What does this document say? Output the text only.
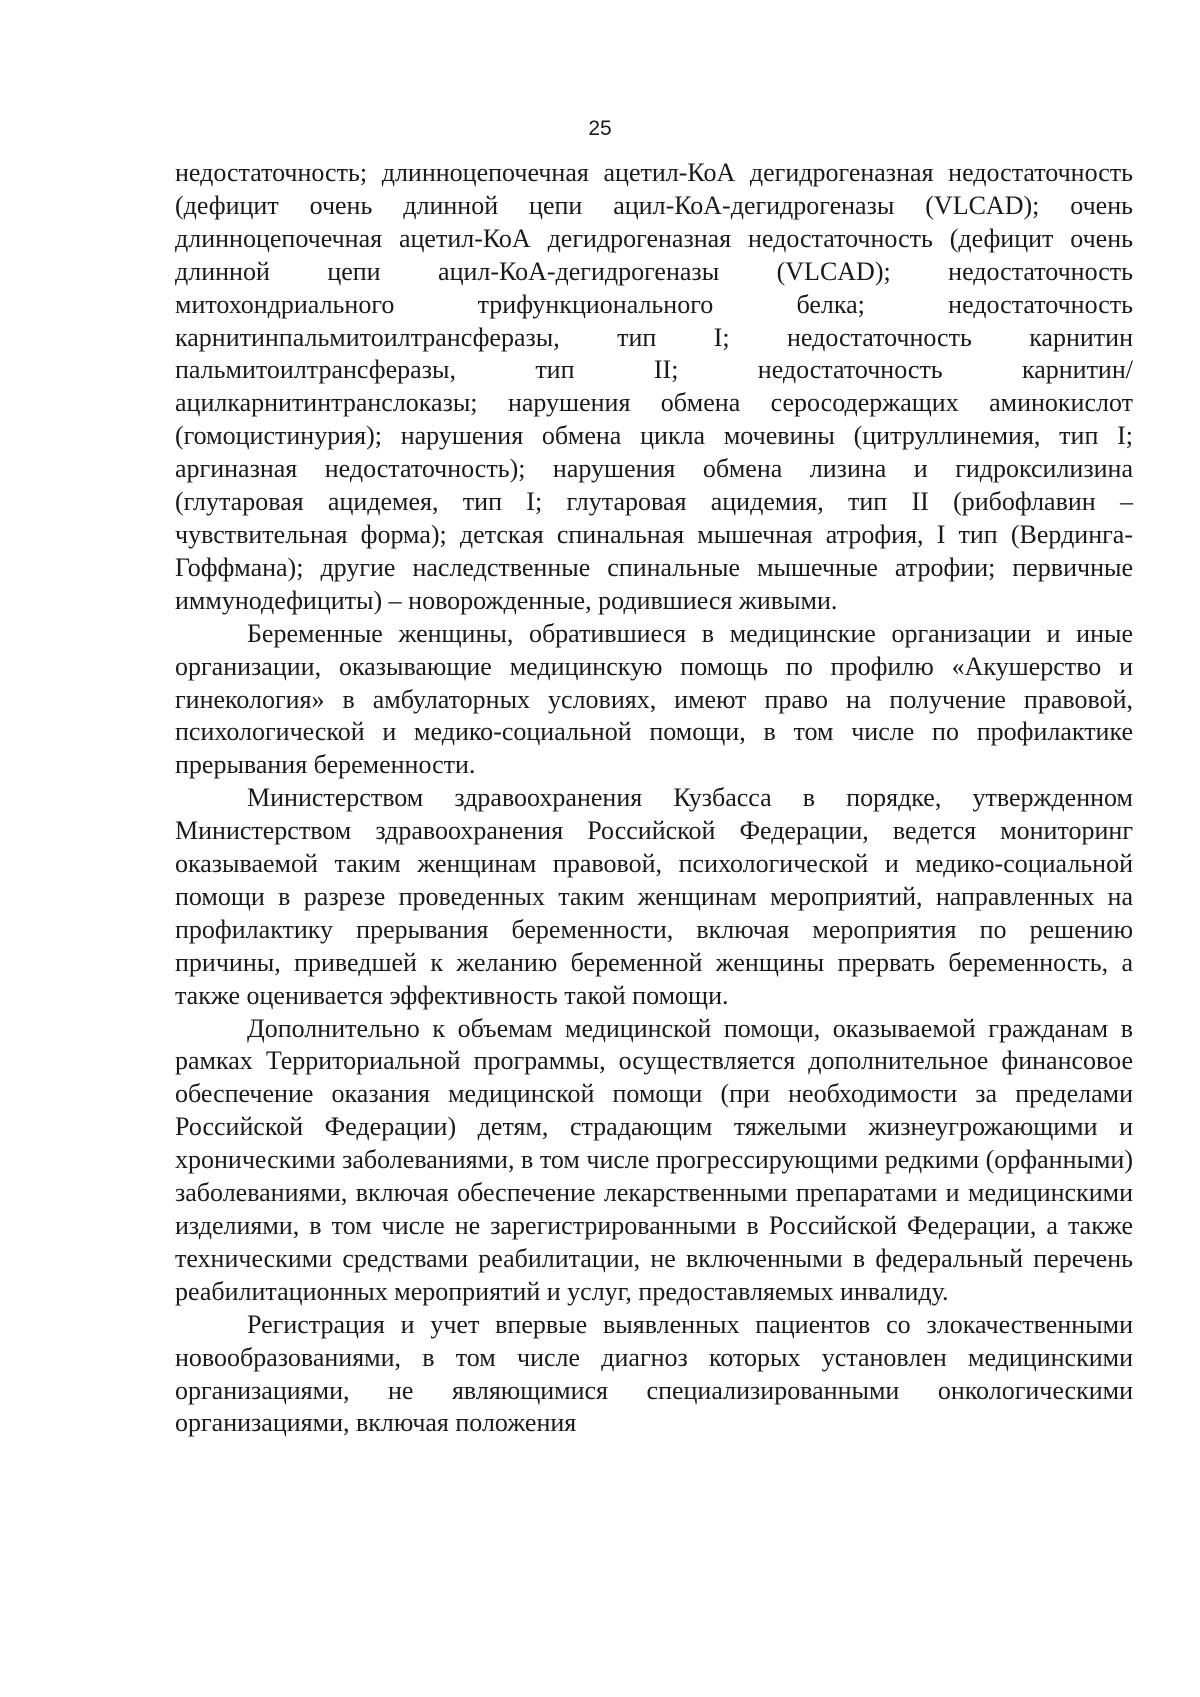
25

недостаточность; длинноцепочечная ацетил-КоА дегидрогеназная недостаточность (дефицит очень длинной цепи ацил-КоА-дегидрогеназы (VLCAD); очень длинноцепочечная ацетил-КоА дегидрогеназная недостаточность (дефицит очень длинной цепи ацил-КоА-дегидрогеназы (VLCAD); недостаточность митохондриального трифункционального белка; недостаточность карнитинпальмитоилтрансферазы, тип I; недостаточность карнитин пальмитоилтрансферазы, тип II; недостаточность карнитин/ацилкарнитинтранслоказы; нарушения обмена серосодержащих аминокислот (гомоцистинурия); нарушения обмена цикла мочевины (цитруллинемия, тип I; аргиназная недостаточность); нарушения обмена лизина и гидроксилизина (глутаровая ацидемея, тип I; глутаровая ацидемия, тип II (рибофлавин – чувствительная форма); детская спинальная мышечная атрофия, I тип (Вердинга-Гоффмана); другие наследственные спинальные мышечные атрофии; первичные иммунодефициты) – новорожденные, родившиеся живыми.

Беременные женщины, обратившиеся в медицинские организации и иные организации, оказывающие медицинскую помощь по профилю «Акушерство и гинекология» в амбулаторных условиях, имеют право на получение правовой, психологической и медико-социальной помощи, в том числе по профилактике прерывания беременности.

Министерством здравоохранения Кузбасса в порядке, утвержденном Министерством здравоохранения Российской Федерации, ведется мониторинг оказываемой таким женщинам правовой, психологической и медико-социальной помощи в разрезе проведенных таким женщинам мероприятий, направленных на профилактику прерывания беременности, включая мероприятия по решению причины, приведшей к желанию беременной женщины прервать беременность, а также оценивается эффективность такой помощи.

Дополнительно к объемам медицинской помощи, оказываемой гражданам в рамках Территориальной программы, осуществляется дополнительное финансовое обеспечение оказания медицинской помощи (при необходимости за пределами Российской Федерации) детям, страдающим тяжелыми жизнеугрожающими и хроническими заболеваниями, в том числе прогрессирующими редкими (орфанными) заболеваниями, включая обеспечение лекарственными препаратами и медицинскими изделиями, в том числе не зарегистрированными в Российской Федерации, а также техническими средствами реабилитации, не включенными в федеральный перечень реабилитационных мероприятий и услуг, предоставляемых инвалиду.

Регистрация и учет впервые выявленных пациентов со злокачественными новообразованиями, в том числе диагноз которых установлен медицинскими организациями, не являющимися специализированными онкологическими организациями, включая положения
